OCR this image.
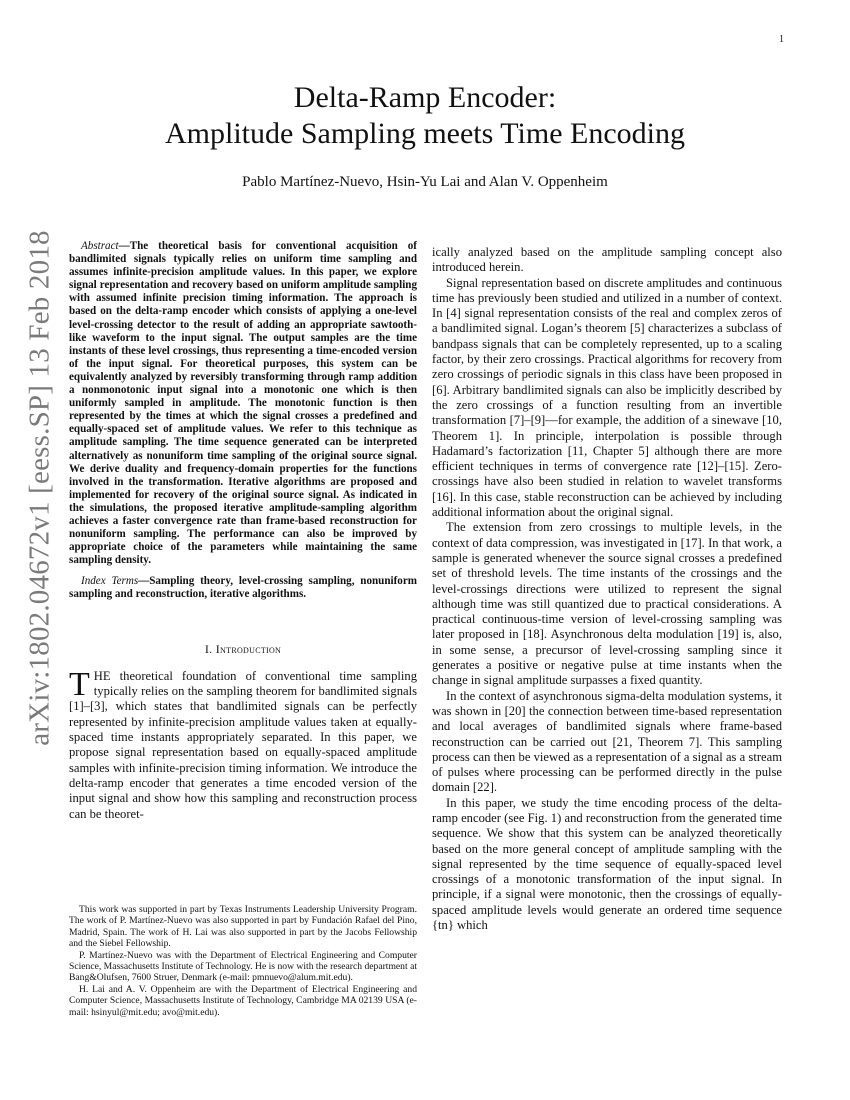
1
arXiv:1802.04672v1 [eess.SP] 13 Feb 2018
Delta-Ramp Encoder:
Amplitude Sampling meets Time Encoding
Pablo Martínez-Nuevo, Hsin-Yu Lai and Alan V. Oppenheim

Abstract—The theoretical basis for conventional acquisition of bandlimited signals typically relies on uniform time sampling and assumes infinite-precision amplitude values. In this paper, we explore signal representation and recovery based on uniform amplitude sampling with assumed infinite precision timing information. The approach is based on the delta-ramp encoder which consists of applying a one-level level-crossing detector to the result of adding an appropriate sawtooth-like waveform to the input signal. The output samples are the time instants of these level crossings, thus representing a time-encoded version of the input signal. For theoretical purposes, this system can be equivalently analyzed by reversibly transforming through ramp addition a nonmonotonic input signal into a monotonic one which is then uniformly sampled in amplitude. The monotonic function is then represented by the times at which the signal crosses a predefined and equally-spaced set of amplitude values. We refer to this technique as amplitude sampling. The time sequence generated can be interpreted alternatively as nonuniform time sampling of the original source signal. We derive duality and frequency-domain properties for the functions involved in the transformation. Iterative algorithms are proposed and implemented for recovery of the original source signal. As indicated in the simulations, the proposed iterative amplitude-sampling algorithm achieves a faster convergence rate than frame-based reconstruction for nonuniform sampling. The performance can also be improved by appropriate choice of the parameters while maintaining the same sampling density.

Index Terms—Sampling theory, level-crossing sampling, nonuniform sampling and reconstruction, iterative algorithms.

I. Introduction

THE theoretical foundation of conventional time sampling typically relies on the sampling theorem for bandlimited signals [1]–[3], which states that bandlimited signals can be perfectly represented by infinite-precision amplitude values taken at equally-spaced time instants appropriately separated. In this paper, we propose signal representation based on equally-spaced amplitude samples with infinite-precision timing information. We introduce the delta-ramp encoder that generates a time encoded version of the input signal and show how this sampling and reconstruction process can be theoret-

This work was supported in part by Texas Instruments Leadership University Program. The work of P. Martínez-Nuevo was also supported in part by Fundación Rafael del Pino, Madrid, Spain. The work of H. Lai was also supported in part by the Jacobs Fellowship and the Siebel Fellowship.

P. Martínez-Nuevo was with the Department of Electrical Engineering and Computer Science, Massachusetts Institute of Technology. He is now with the research department at Bang&Olufsen, 7600 Struer, Denmark (e-mail: pmnuevo@alum.mit.edu).

H. Lai and A. V. Oppenheim are with the Department of Electrical Engineering and Computer Science, Massachusetts Institute of Technology, Cambridge MA 02139 USA (e-mail: hsinyul@mit.edu; avo@mit.edu).

ically analyzed based on the amplitude sampling concept also introduced herein.

Signal representation based on discrete amplitudes and continuous time has previously been studied and utilized in a number of context. In [4] signal representation consists of the real and complex zeros of a bandlimited signal. Logan’s theorem [5] characterizes a subclass of bandpass signals that can be completely represented, up to a scaling factor, by their zero crossings. Practical algorithms for recovery from zero crossings of periodic signals in this class have been proposed in [6]. Arbitrary bandlimited signals can also be implicitly described by the zero crossings of a function resulting from an invertible transformation [7]–[9]—for example, the addition of a sinewave [10, Theorem 1]. In principle, interpolation is possible through Hadamard’s factorization [11, Chapter 5] although there are more efficient techniques in terms of convergence rate [12]–[15]. Zero-crossings have also been studied in relation to wavelet transforms [16]. In this case, stable reconstruction can be achieved by including additional information about the original signal.

The extension from zero crossings to multiple levels, in the context of data compression, was investigated in [17]. In that work, a sample is generated whenever the source signal crosses a predefined set of threshold levels. The time instants of the crossings and the level-crossings directions were utilized to represent the signal although time was still quantized due to practical considerations. A practical continuous-time version of level-crossing sampling was later proposed in [18]. Asynchronous delta modulation [19] is, also, in some sense, a precursor of level-crossing sampling since it generates a positive or negative pulse at time instants when the change in signal amplitude surpasses a fixed quantity.

In the context of asynchronous sigma-delta modulation systems, it was shown in [20] the connection between time-based representation and local averages of bandlimited signals where frame-based reconstruction can be carried out [21, Theorem 7]. This sampling process can then be viewed as a representation of a signal as a stream of pulses where processing can be performed directly in the pulse domain [22].

In this paper, we study the time encoding process of the delta-ramp encoder (see Fig. 1) and reconstruction from the generated time sequence. We show that this system can be analyzed theoretically based on the more general concept of amplitude sampling with the signal represented by the time sequence of equally-spaced level crossings of a monotonic transformation of the input signal. In principle, if a signal were monotonic, then the crossings of equally-spaced amplitude levels would generate an ordered time sequence {tn} which
